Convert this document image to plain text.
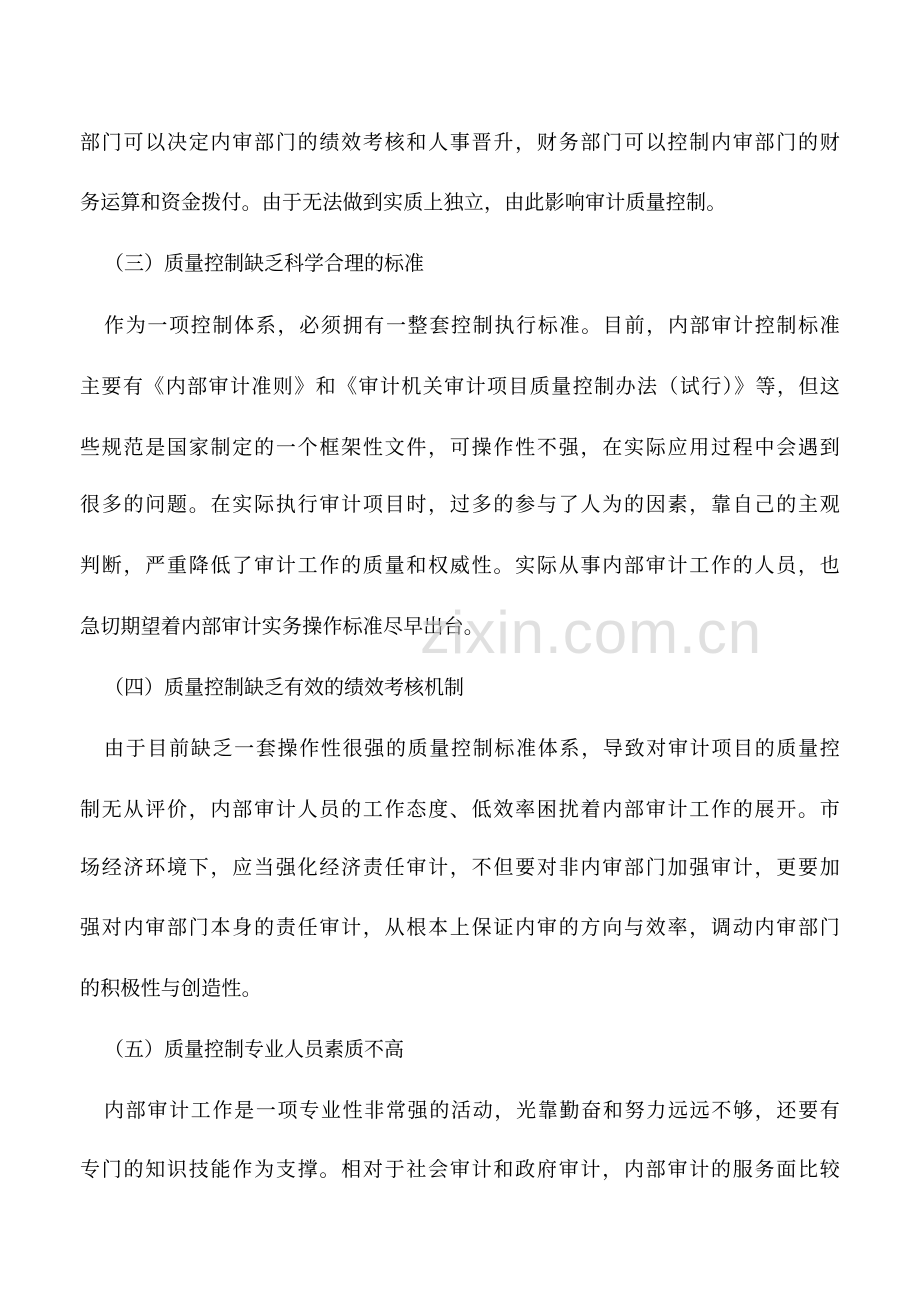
部门可以决定内审部门的绩效考核和人事晋升，财务部门可以控制内审部门的财
务运算和资金拨付。由于无法做到实质上独立，由此影响审计质量控制。
（三）质量控制缺乏科学合理的标准
作为一项控制体系，必须拥有一整套控制执行标准。目前，内部审计控制标准
主要有《内部审计准则》和《审计机关审计项目质量控制办法（试行）》等，但这
些规范是国家制定的一个框架性文件，可操作性不强，在实际应用过程中会遇到
很多的问题。在实际执行审计项目时，过多的参与了人为的因素，靠自己的主观
判断，严重降低了审计工作的质量和权威性。实际从事内部审计工作的人员，也
急切期望着内部审计实务操作标准尽早出台。
zixin.com.cn
（四）质量控制缺乏有效的绩效考核机制
由于目前缺乏一套操作性很强的质量控制标准体系，导致对审计项目的质量控
制无从评价，内部审计人员的工作态度、低效率困扰着内部审计工作的展开。市
场经济环境下，应当强化经济责任审计，不但要对非内审部门加强审计，更要加
强对内审部门本身的责任审计，从根本上保证内审的方向与效率，调动内审部门
的积极性与创造性。
（五）质量控制专业人员素质不高
内部审计工作是一项专业性非常强的活动，光靠勤奋和努力远远不够，还要有
专门的知识技能作为支撑。相对于社会审计和政府审计，内部审计的服务面比较
